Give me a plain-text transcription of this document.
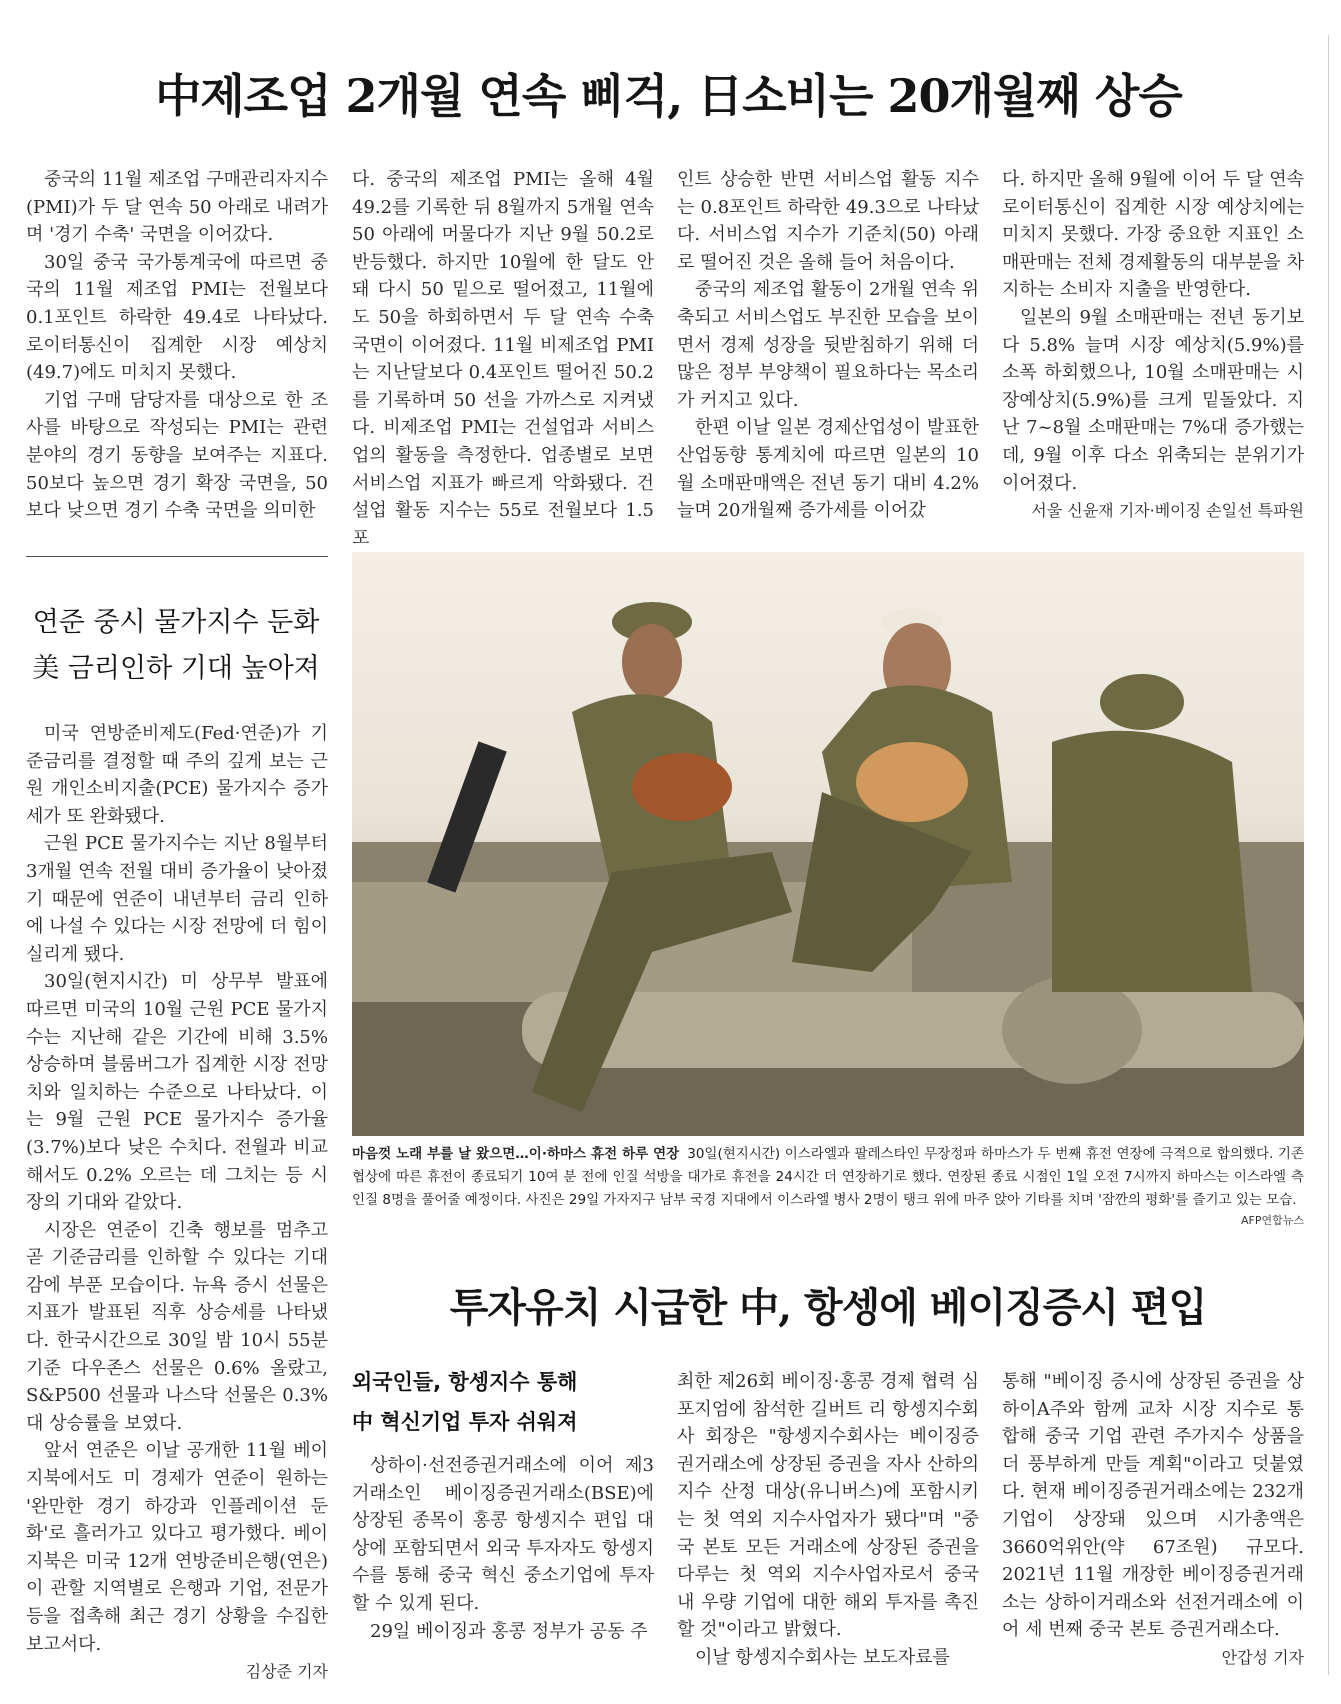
中제조업 2개월 연속 삐걱, 日소비는 20개월째 상승

중국의 11월 제조업 구매관리자지수(PMI)가 두 달 연속 50 아래로 내려가며 '경기 수축' 국면을 이어갔다.

30일 중국 국가통계국에 따르면 중국의 11월 제조업 PMI는 전월보다 0.1포인트 하락한 49.4로 나타났다. 로이터통신이 집계한 시장 예상치(49.7)에도 미치지 못했다.

기업 구매 담당자를 대상으로 한 조사를 바탕으로 작성되는 PMI는 관련 분야의 경기 동향을 보여주는 지표다. 50보다 높으면 경기 확장 국면을, 50보다 낮으면 경기 수축 국면을 의미한

다. 중국의 제조업 PMI는 올해 4월 49.2를 기록한 뒤 8월까지 5개월 연속 50 아래에 머물다가 지난 9월 50.2로 반등했다. 하지만 10월에 한 달도 안 돼 다시 50 밑으로 떨어졌고, 11월에도 50을 하회하면서 두 달 연속 수축 국면이 이어졌다. 11월 비제조업 PMI는 지난달보다 0.4포인트 떨어진 50.2를 기록하며 50 선을 가까스로 지켜냈다. 비제조업 PMI는 건설업과 서비스업의 활동을 측정한다. 업종별로 보면 서비스업 지표가 빠르게 악화됐다. 건설업 활동 지수는 55로 전월보다 1.5포

인트 상승한 반면 서비스업 활동 지수는 0.8포인트 하락한 49.3으로 나타났다. 서비스업 지수가 기준치(50) 아래로 떨어진 것은 올해 들어 처음이다.

중국의 제조업 활동이 2개월 연속 위축되고 서비스업도 부진한 모습을 보이면서 경제 성장을 뒷받침하기 위해 더 많은 정부 부양책이 필요하다는 목소리가 커지고 있다.

한편 이날 일본 경제산업성이 발표한 산업동향 통계치에 따르면 일본의 10월 소매판매액은 전년 동기 대비 4.2% 늘며 20개월째 증가세를 이어갔

다. 하지만 올해 9월에 이어 두 달 연속 로이터통신이 집계한 시장 예상치에는 미치지 못했다. 가장 중요한 지표인 소매판매는 전체 경제활동의 대부분을 차지하는 소비자 지출을 반영한다.

일본의 9월 소매판매는 전년 동기보다 5.8% 늘며 시장 예상치(5.9%)를 소폭 하회했으나, 10월 소매판매는 시장예상치(5.9%)를 크게 밑돌았다. 지난 7~8월 소매판매는 7%대 증가했는데, 9월 이후 다소 위축되는 분위기가 이어졌다.

서울 신윤재 기자·베이징 손일선 특파원
연준 중시 물가지수 둔화
美 금리인하 기대 높아져

미국 연방준비제도(Fed·연준)가 기준금리를 결정할 때 주의 깊게 보는 근원 개인소비지출(PCE) 물가지수 증가세가 또 완화됐다.

근원 PCE 물가지수는 지난 8월부터 3개월 연속 전월 대비 증가율이 낮아졌기 때문에 연준이 내년부터 금리 인하에 나설 수 있다는 시장 전망에 더 힘이 실리게 됐다.

30일(현지시간) 미 상무부 발표에 따르면 미국의 10월 근원 PCE 물가지수는 지난해 같은 기간에 비해 3.5% 상승하며 블룸버그가 집계한 시장 전망치와 일치하는 수준으로 나타났다. 이는 9월 근원 PCE 물가지수 증가율(3.7%)보다 낮은 수치다. 전월과 비교해서도 0.2% 오르는 데 그치는 등 시장의 기대와 같았다.

시장은 연준이 긴축 행보를 멈추고 곧 기준금리를 인하할 수 있다는 기대감에 부푼 모습이다. 뉴욕 증시 선물은 지표가 발표된 직후 상승세를 나타냈다. 한국시간으로 30일 밤 10시 55분 기준 다우존스 선물은 0.6% 올랐고, S&P500 선물과 나스닥 선물은 0.3%대 상승률을 보였다.

앞서 연준은 이날 공개한 11월 베이지북에서도 미 경제가 연준이 원하는 '완만한 경기 하강과 인플레이션 둔화'로 흘러가고 있다고 평가했다. 베이지북은 미국 12개 연방준비은행(연은)이 관할 지역별로 은행과 기업, 전문가 등을 접촉해 최근 경기 상황을 수집한 보고서다.

김상준 기자
마음껏 노래 부를 날 왔으면…이·하마스 휴전 하루 연장 30일(현지시간) 이스라엘과 팔레스타인 무장정파 하마스가 두 번째 휴전 연장에 극적으로 합의했다. 기존 협상에 따른 휴전이 종료되기 10여 분 전에 인질 석방을 대가로 휴전을 24시간 더 연장하기로 했다. 연장된 종료 시점인 1일 오전 7시까지 하마스는 이스라엘 측 인질 8명을 풀어줄 예정이다. 사진은 29일 가자지구 남부 국경 지대에서 이스라엘 병사 2명이 탱크 위에 마주 앉아 기타를 치며 '잠깐의 평화'를 즐기고 있는 모습.
AFP연합뉴스
투자유치 시급한 中, 항셍에 베이징증시 편입
외국인들, 항셍지수 통해
中 혁신기업 투자 쉬워져

상하이·선전증권거래소에 이어 제3 거래소인 베이징증권거래소(BSE)에 상장된 종목이 홍콩 항셍지수 편입 대상에 포함되면서 외국 투자자도 항셍지수를 통해 중국 혁신 중소기업에 투자할 수 있게 된다.

29일 베이징과 홍콩 정부가 공동 주

최한 제26회 베이징·홍콩 경제 협력 심포지엄에 참석한 길버트 리 항셍지수회사 회장은 "항셍지수회사는 베이징증권거래소에 상장된 증권을 자사 산하의 지수 산정 대상(유니버스)에 포함시키는 첫 역외 지수사업자가 됐다"며 "중국 본토 모든 거래소에 상장된 증권을 다루는 첫 역외 지수사업자로서 중국 내 우량 기업에 대한 해외 투자를 촉진할 것"이라고 밝혔다.

이날 항셍지수회사는 보도자료를

통해 "베이징 증시에 상장된 증권을 상하이A주와 함께 교차 시장 지수로 통합해 중국 기업 관련 주가지수 상품을 더 풍부하게 만들 계획"이라고 덧붙였다. 현재 베이징증권거래소에는 232개 기업이 상장돼 있으며 시가총액은 3660억위안(약 67조원) 규모다. 2021년 11월 개장한 베이징증권거래소는 상하이거래소와 선전거래소에 이어 세 번째 중국 본토 증권거래소다.

안갑성 기자
